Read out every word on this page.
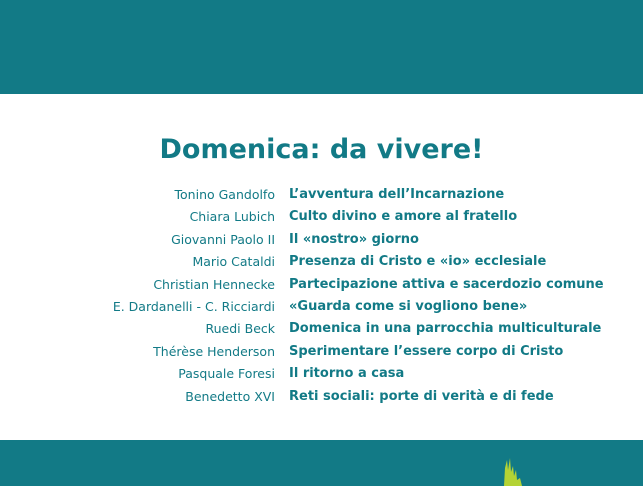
Domenica: da vivere!
Tonino Gandolfo L’avventura dell’Incarnazione
Chiara Lubich Culto divino e amore al fratello
Giovanni Paolo II Il «nostro» giorno
Mario Cataldi Presenza di Cristo e «io» ecclesiale
Christian Hennecke Partecipazione attiva e sacerdozio comune
E. Dardanelli - C. Ricciardi «Guarda come si vogliono bene»
Ruedi Beck Domenica in una parrocchia multiculturale
Thérèse Henderson Sperimentare l’essere corpo di Cristo
Pasquale Foresi Il ritorno a casa
Benedetto XVI Reti sociali: porte di verità e di fede
